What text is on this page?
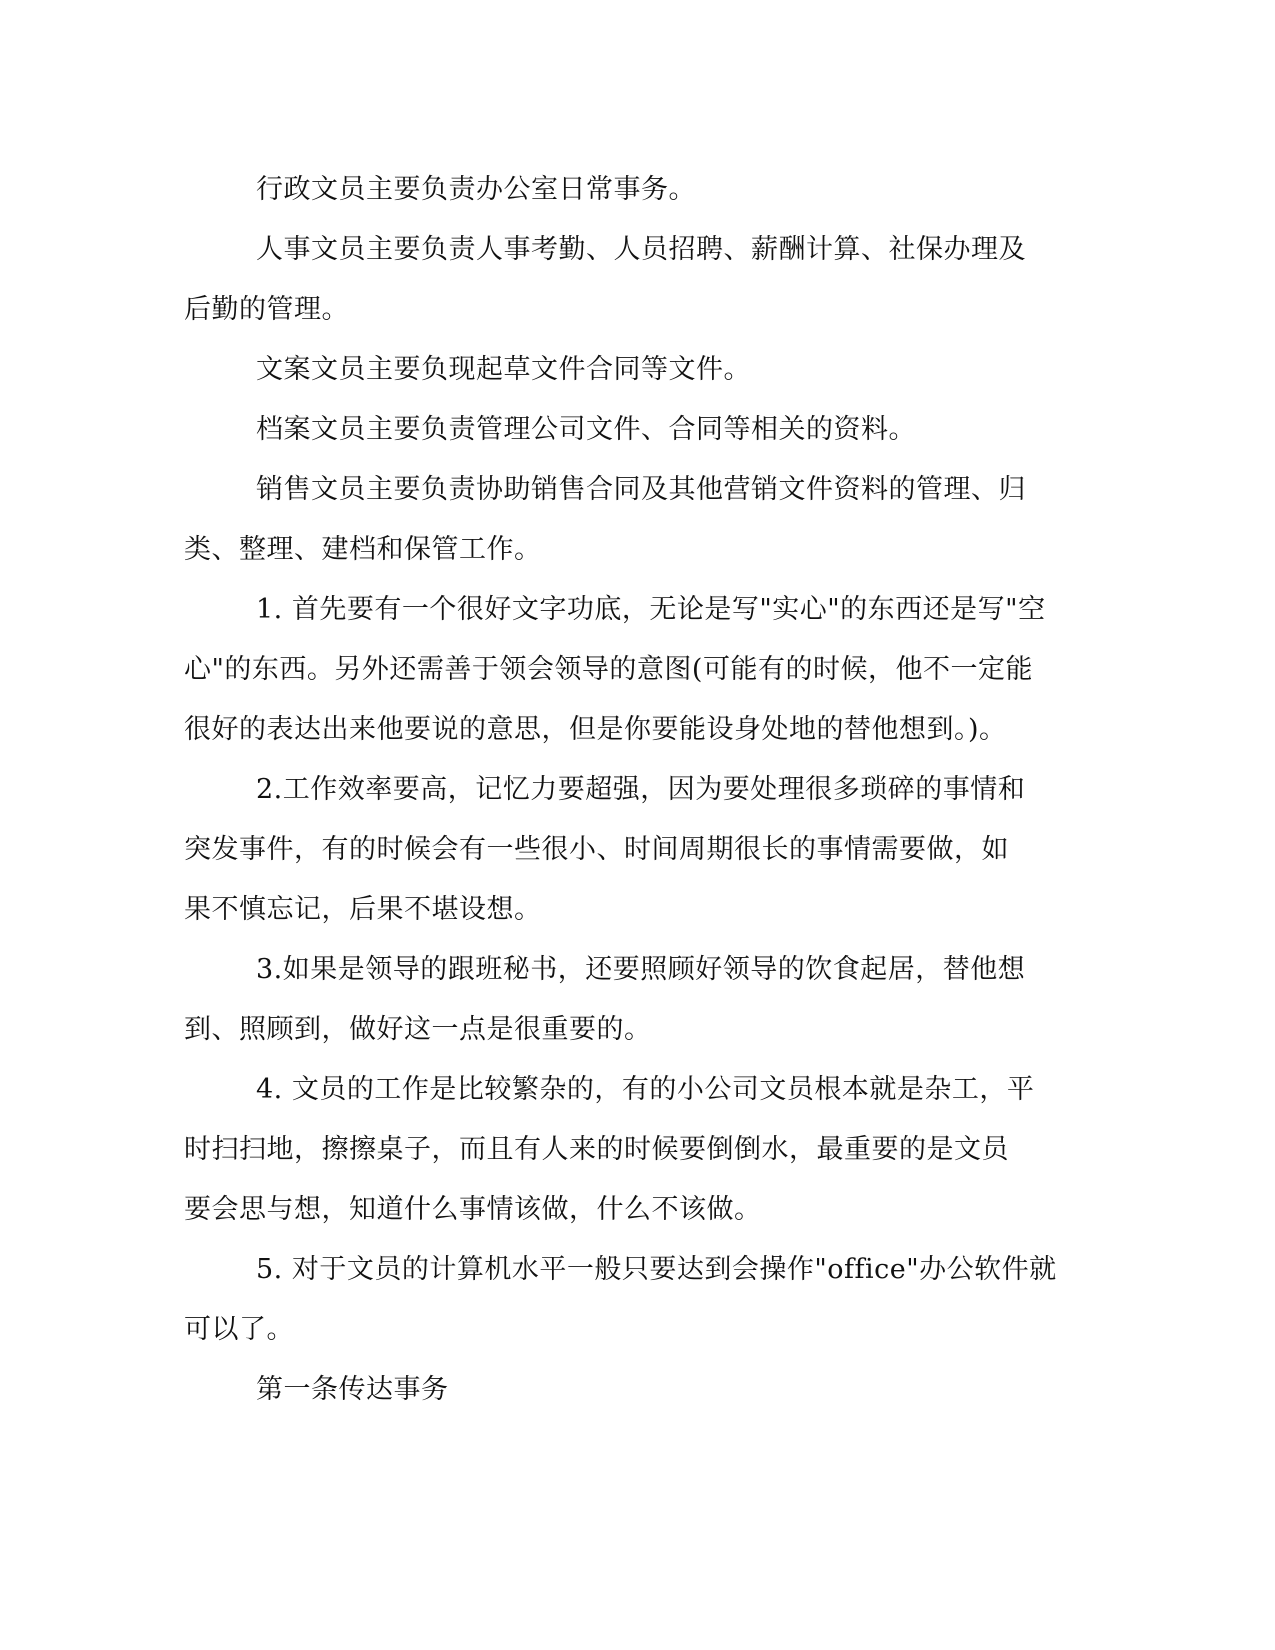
行政文员主要负责办公室日常事务。

人事文员主要负责人事考勤、人员招聘、薪酬计算、社保办理及
后勤的管理。

文案文员主要负现起草文件合同等文件。

档案文员主要负责管理公司文件、合同等相关的资料。

销售文员主要负责协助销售合同及其他营销文件资料的管理、归
类、整理、建档和保管工作。

1. 首先要有一个很好文字功底，无论是写"实心"的东西还是写"空
心"的东西。另外还需善于领会领导的意图(可能有的时候，他不一定能
很好的表达出来他要说的意思，但是你要能设身处地的替他想到。)。

2.工作效率要高，记忆力要超强，因为要处理很多琐碎的事情和
突发事件，有的时候会有一些很小、时间周期很长的事情需要做，如
果不慎忘记，后果不堪设想。

3.如果是领导的跟班秘书，还要照顾好领导的饮食起居，替他想
到、照顾到，做好这一点是很重要的。

4. 文员的工作是比较繁杂的，有的小公司文员根本就是杂工，平
时扫扫地，擦擦桌子，而且有人来的时候要倒倒水，最重要的是文员
要会思与想，知道什么事情该做，什么不该做。

5. 对于文员的计算机水平一般只要达到会操作"office"办公软件就
可以了。

第一条传达事务
